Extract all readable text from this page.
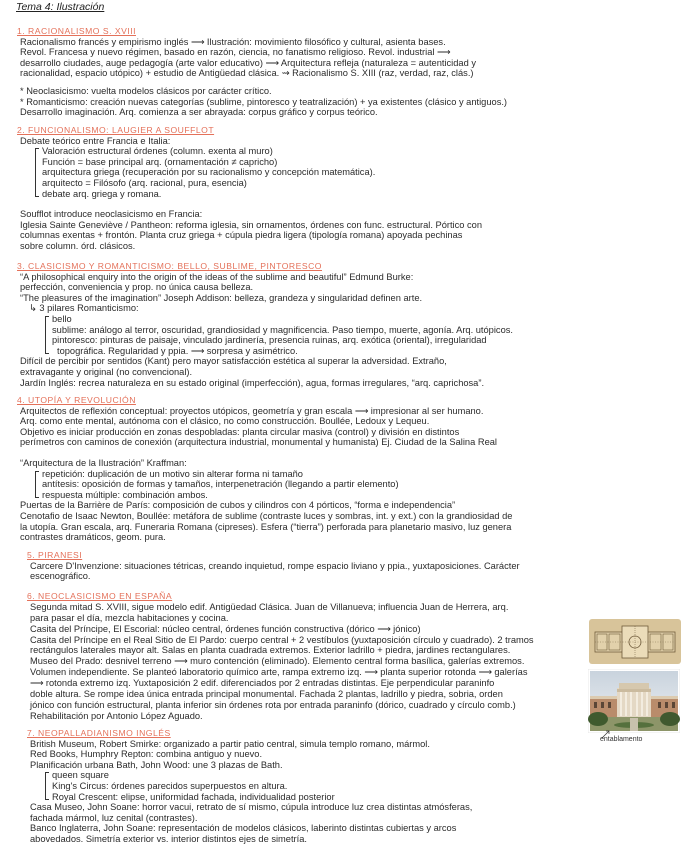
Tema 4: Ilustración
1. RACIONALISMO S. XVIII
Racionalismo francés y empirismo inglés ⟶ Ilustración: movimiento filosófico y cultural, asienta bases.
Revol. Francesa y nuevo régimen, basado en razón, ciencia, no fanatismo religioso. Revol. industrial ⟶
desarrollo ciudades, auge pedagogía (arte valor educativo) ⟶ Arquitectura refleja (naturaleza = autenticidad y
racionalidad, espacio utópico) + estudio de Antigüedad clásica. ⇝ Racionalismo S. XIII (raz, verdad, raz, clás.)
* Neoclasicismo: vuelta modelos clásicos por carácter crítico.
* Romanticismo: creación nuevas categorías (sublime, pintoresco y teatralización) + ya existentes (clásico y antiguos.)
Desarrollo imaginación. Arq. comienza a ser abrayada: corpus gráfico y corpus teórico.
2. FUNCIONALISMO: LAUGIER A SOUFFLOT
Debate teórico entre Francia e Italia:
Valoración estructural órdenes (column. exenta al muro)
Función = base principal arq. (ornamentación ≠ capricho)
arquitectura griega (recuperación por su racionalismo y concepción matemática).
arquitecto = Filósofo (arq. racional, pura, esencia)
debate arq. griega y romana.
Soufflot introduce neoclasicismo en Francia:
Iglesia Sainte Geneviève / Pantheon: reforma iglesia, sin ornamentos, órdenes con func. estructural. Pórtico con
columnas exentas + frontón. Planta cruz griega + cúpula piedra ligera (tipología romana) apoyada pechinas
sobre column. órd. clásicos.
3. CLASICISMO Y ROMANTICISMO: BELLO, SUBLIME, PINTORESCO
“A philosophical enquiry into the origin of the ideas of the sublime and beautiful” Edmund Burke:
perfección, conveniencia y prop. no única causa belleza.
“The pleasures of the imagination” Joseph Addison: belleza, grandeza y singularidad definen arte.
↳ 3 pilares Romanticismo:
bello
sublime: análogo al terror, oscuridad, grandiosidad y magnificencia. Paso tiempo, muerte, agonía. Arq. utópicos.
pintoresco: pinturas de paisaje, vinculado jardinería, presencia ruinas, arq. exótica (oriental), irregularidad
topográfica. Regularidad y ppia. ⟶ sorpresa y asimétrico.
Difícil de percibir por sentidos (Kant) pero mayor satisfacción estética al superar la adversidad. Extraño,
extravagante y original (no convencional).
Jardín Inglés: recrea naturaleza en su estado original (imperfección), agua, formas irregulares, “arq. caprichosa”.
4. UTOPÍA Y REVOLUCIÓN
Arquitectos de reflexión conceptual: proyectos utópicos, geometría y gran escala ⟶ impresionar al ser humano.
Arq. como ente mental, autónoma con el clásico, no como construcción. Boullée, Ledoux y Lequeu.
Objetivo es iniciar producción en zonas despobladas: planta circular masiva (control) y división en distintos
perímetros con caminos de conexión (arquitectura industrial, monumental y humanista) Ej. Ciudad de la Salina Real
“Arquitectura de la Ilustración” Kraffman:
repetición: duplicación de un motivo sin alterar forma ni tamaño
antítesis: oposición de formas y tamaños, interpenetración (llegando a partir elemento)
respuesta múltiple: combinación ambos.
Puertas de la Barrière de París: composición de cubos y cilindros con 4 pórticos, “forma e independencia”
Cenotafio de Isaac Newton, Boullée: metáfora de sublime (contraste luces y sombras, int. y ext.) con la grandiosidad de
la utopía. Gran escala, arq. Funeraria Romana (cipreses). Esfera (“tierra”) perforada para planetario masivo, luz genera
contrastes dramáticos, geom. pura.
5. PIRANESI
Carcere D'Invenzione: situaciones tétricas, creando inquietud, rompe espacio liviano y ppia., yuxtaposiciones. Carácter
escenográfico.
6. NEOCLASICISMO EN ESPAÑA
Segunda mitad S. XVIII, sigue modelo edif. Antigüedad Clásica. Juan de Villanueva; influencia Juan de Herrera, arq.
para pasar el día, mezcla habitaciones y cocina.
Casita del Príncipe, El Escorial: núcleo central, órdenes función constructiva (dórico ⟶ jónico)
Casita del Príncipe en el Real Sitio de El Pardo: cuerpo central + 2 vestíbulos (yuxtaposición círculo y cuadrado). 2 tramos
rectángulos laterales mayor alt. Salas en planta cuadrada extremos. Exterior ladrillo + piedra, jardines rectangulares.
Museo del Prado: desnivel terreno ⟶ muro contención (eliminado). Elemento central forma basílica, galerías extremos.
Volumen independiente. Se planteó laboratorio químico arte, rampa extremo izq. ⟶ planta superior rotonda ⟶ galerías
⟶ rotonda extremo izq. Yuxtaposición 2 edif. diferenciados por 2 entradas distintas. Eje perpendicular paraninfo
doble altura. Se rompe idea única entrada principal monumental. Fachada 2 plantas, ladrillo y piedra, sobria, orden
jónico con función estructural, planta inferior sin órdenes rota por entrada paraninfo (dórico, cuadrado y círculo comb.)
Rehabilitación por Antonio López Aguado.
entablamento
7. NEOPALLADIANISMO INGLÉS
British Museum, Robert Smirke: organizado a partir patio central, simula templo romano, mármol.
Red Books, Humphry Repton: combina antiguo y nuevo.
Planificación urbana Bath, John Wood: une 3 plazas de Bath.
queen square
King's Circus: órdenes parecidos superpuestos en altura.
Royal Crescent: elipse, uniformidad fachada, individualidad posterior
Casa Museo, John Soane: horror vacui, retrato de sí mismo, cúpula introduce luz crea distintas atmósferas,
fachada mármol, luz cenital (contrastes).
Banco Inglaterra, John Soane: representación de modelos clásicos, laberinto distintas cubiertas y arcos
abovedados. Simetría exterior vs. interior distintos ejes de simetría.
